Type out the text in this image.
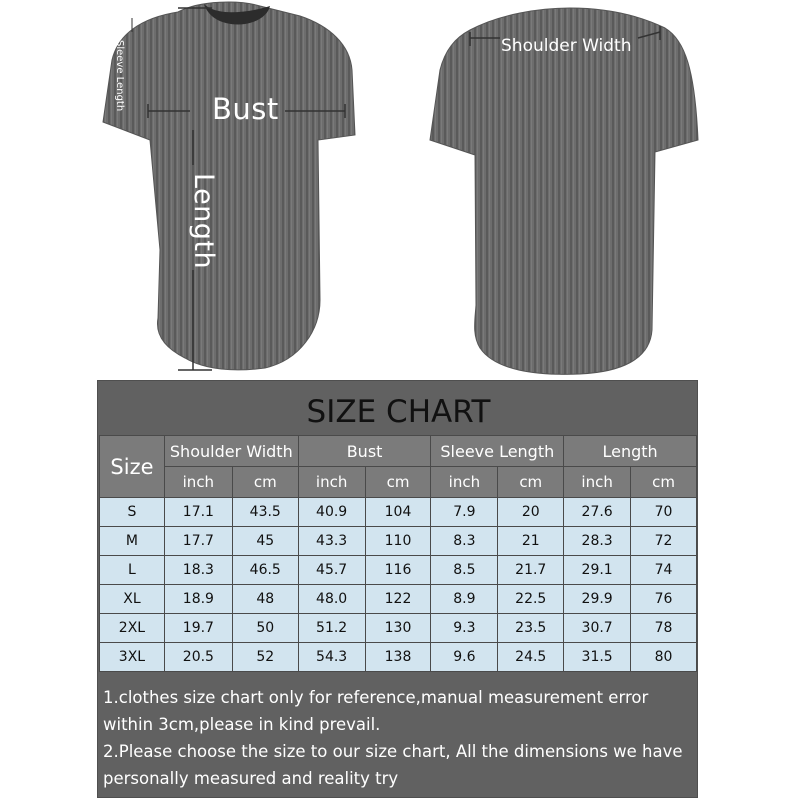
Bust
Length
Sleeve Length	Shoulder Width
SIZE CHART
Size	Shoulder Width		Bust		Sleeve Length		Length	
	inch	cm	inch	cm	inch	cm	inch	cm
S	17.1	43.5	40.9	104	7.9	20	27.6	70
M	17.7	45	43.3	110	8.3	21	28.3	72
L	18.3	46.5	45.7	116	8.5	21.7	29.1	74
XL	18.9	48	48.0	122	8.9	22.5	29.9	76
2XL	19.7	50	51.2	130	9.3	23.5	30.7	78
3XL	20.5	52	54.3	138	9.6	24.5	31.5	80
1.clothes size chart only for reference,manual measurement error
within 3cm,please in kind prevail.
2.Please choose the size to our size chart, All the dimensions we have
personally measured and reality try
